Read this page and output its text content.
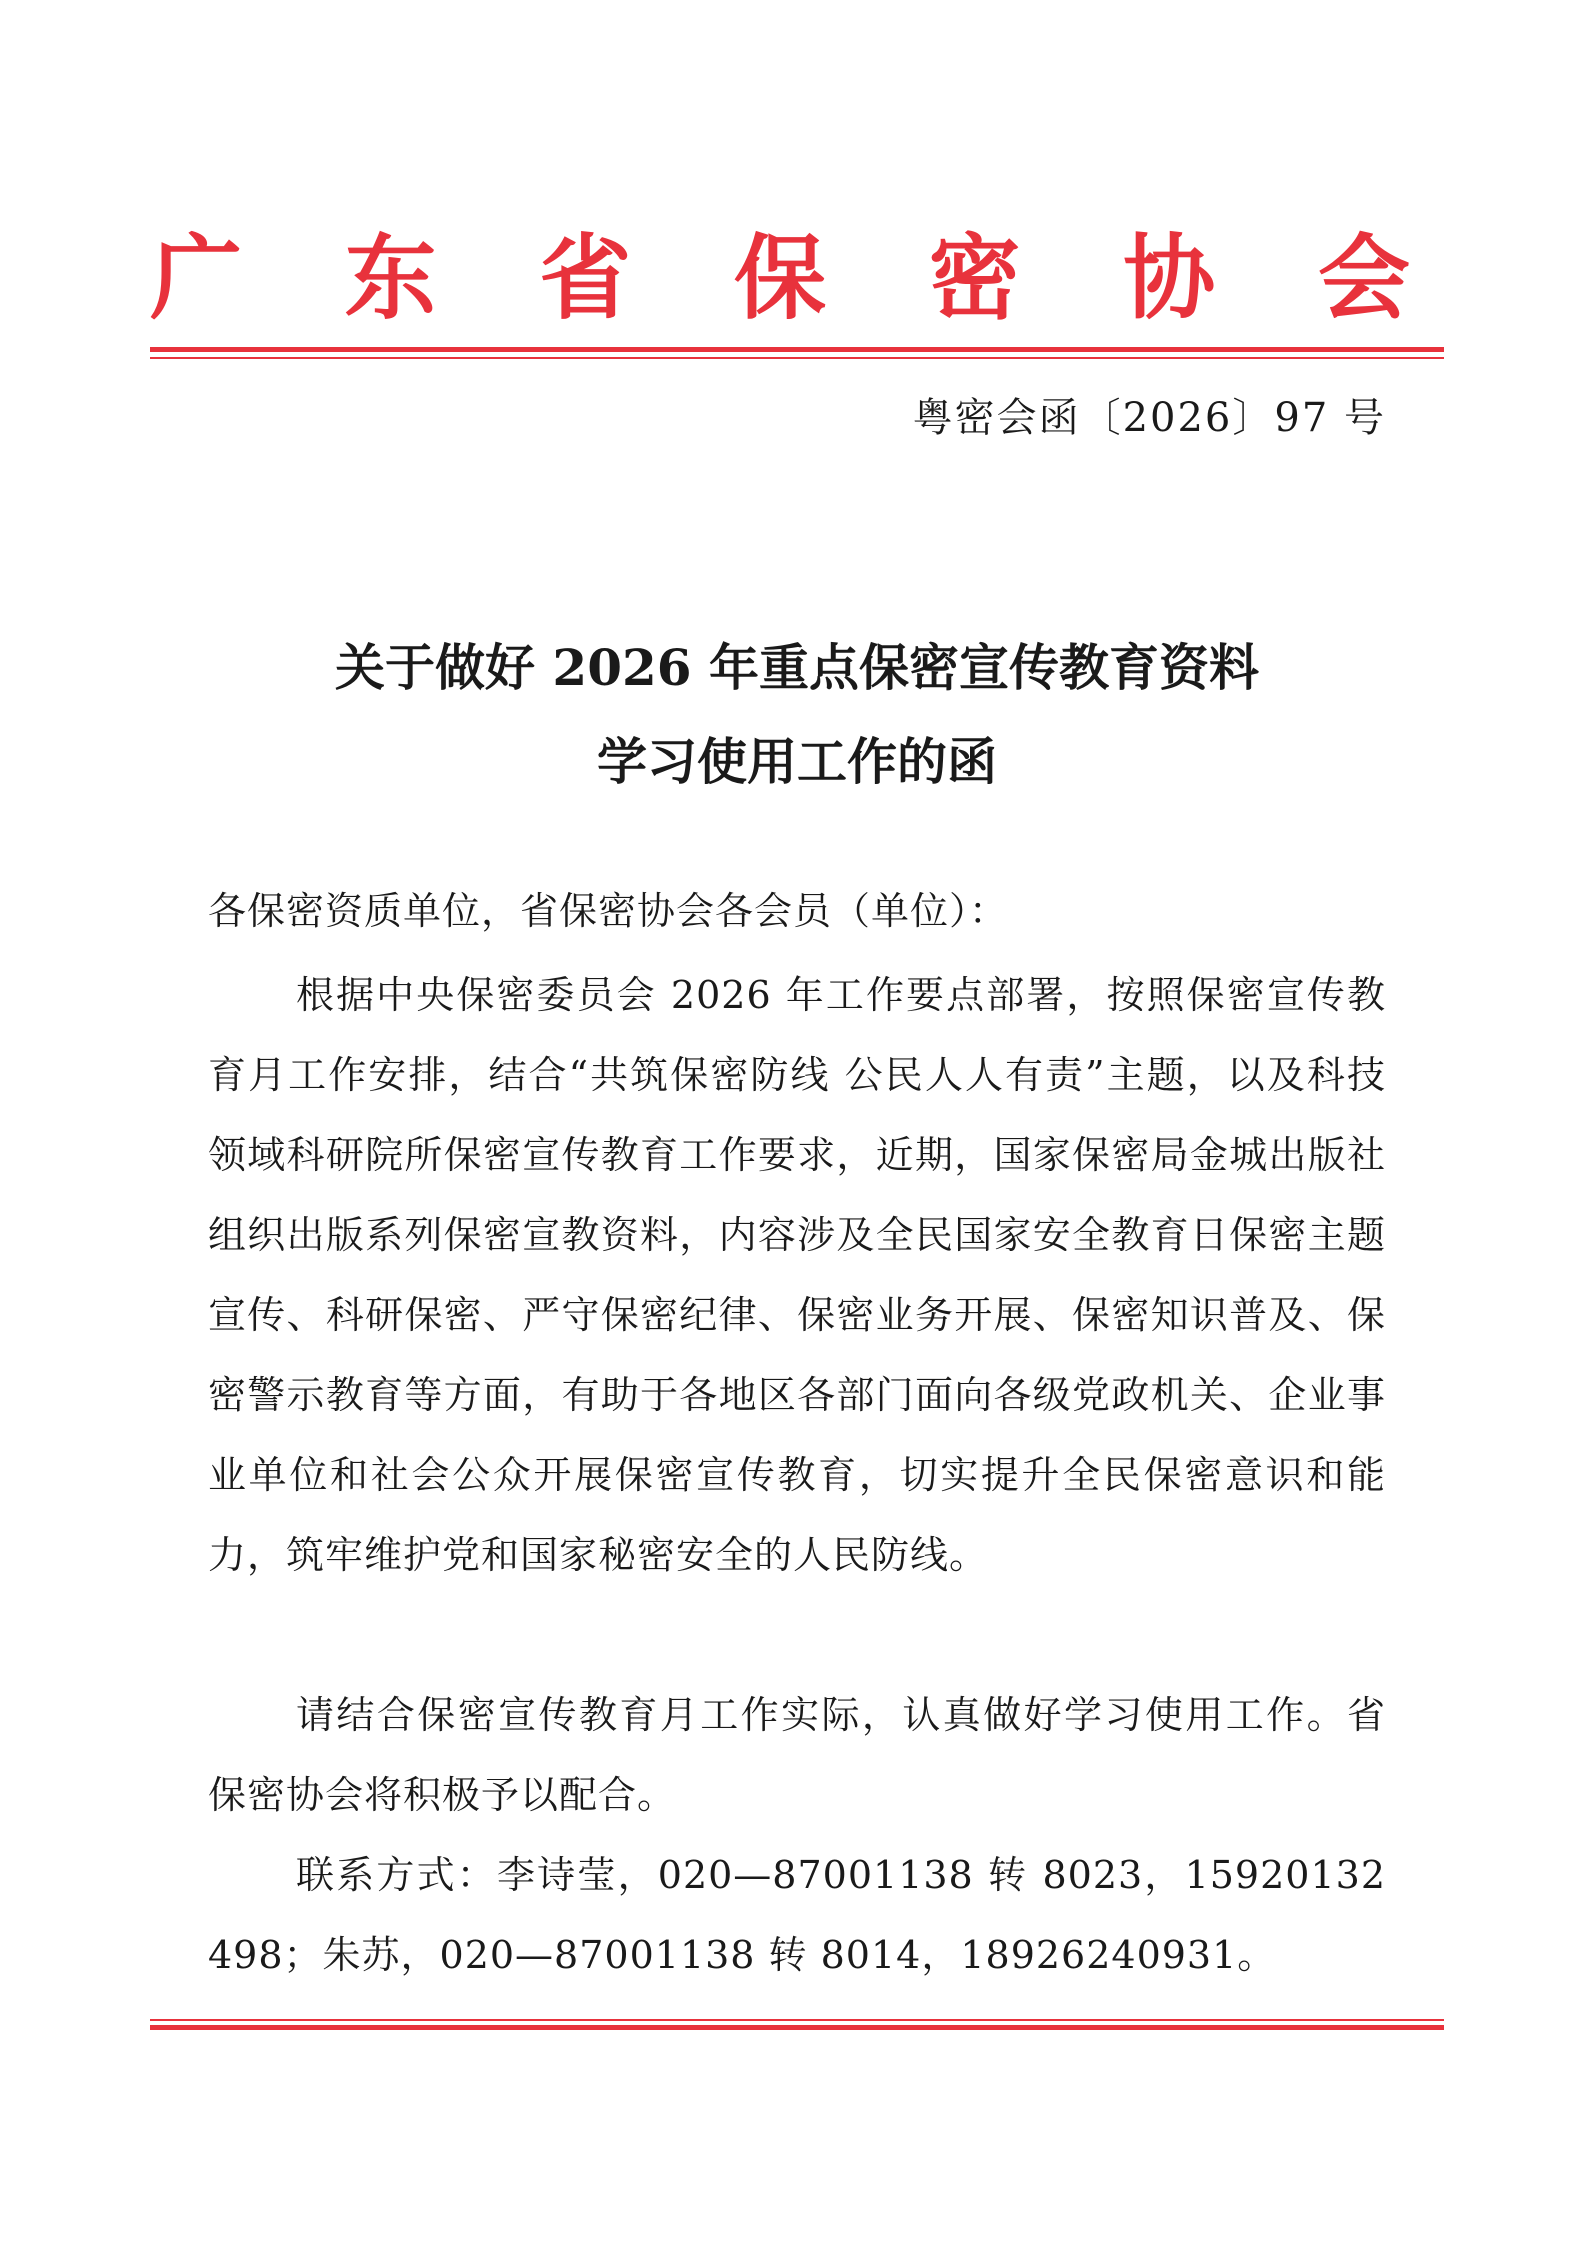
广 东 省 保 密 协 会
粤密会函〔2026〕97 号
关于做好 2026 年重点保密宣传教育资料
学习使用工作的函
各保密资质单位，省保密协会各会员（单位）：
根据中央保密委员会 2026 年工作要点部署，按照保密宣传教育月工作安排，结合“共筑保密防线 公民人人有责”主题，以及科技领域科研院所保密宣传教育工作要求，近期，国家保密局金城出版社组织出版系列保密宣教资料，内容涉及全民国家安全教育日保密主题宣传、科研保密、严守保密纪律、保密业务开展、保密知识普及、保密警示教育等方面，有助于各地区各部门面向各级党政机关、企业事业单位和社会公众开展保密宣传教育，切实提升全民保密意识和能力，筑牢维护党和国家秘密安全的人民防线。
请结合保密宣传教育月工作实际，认真做好学习使用工作。省保密协会将积极予以配合。
联系方式：李诗莹，020—87001138 转 8023，15920132498；朱苏，020—87001138 转 8014，18926240931。
